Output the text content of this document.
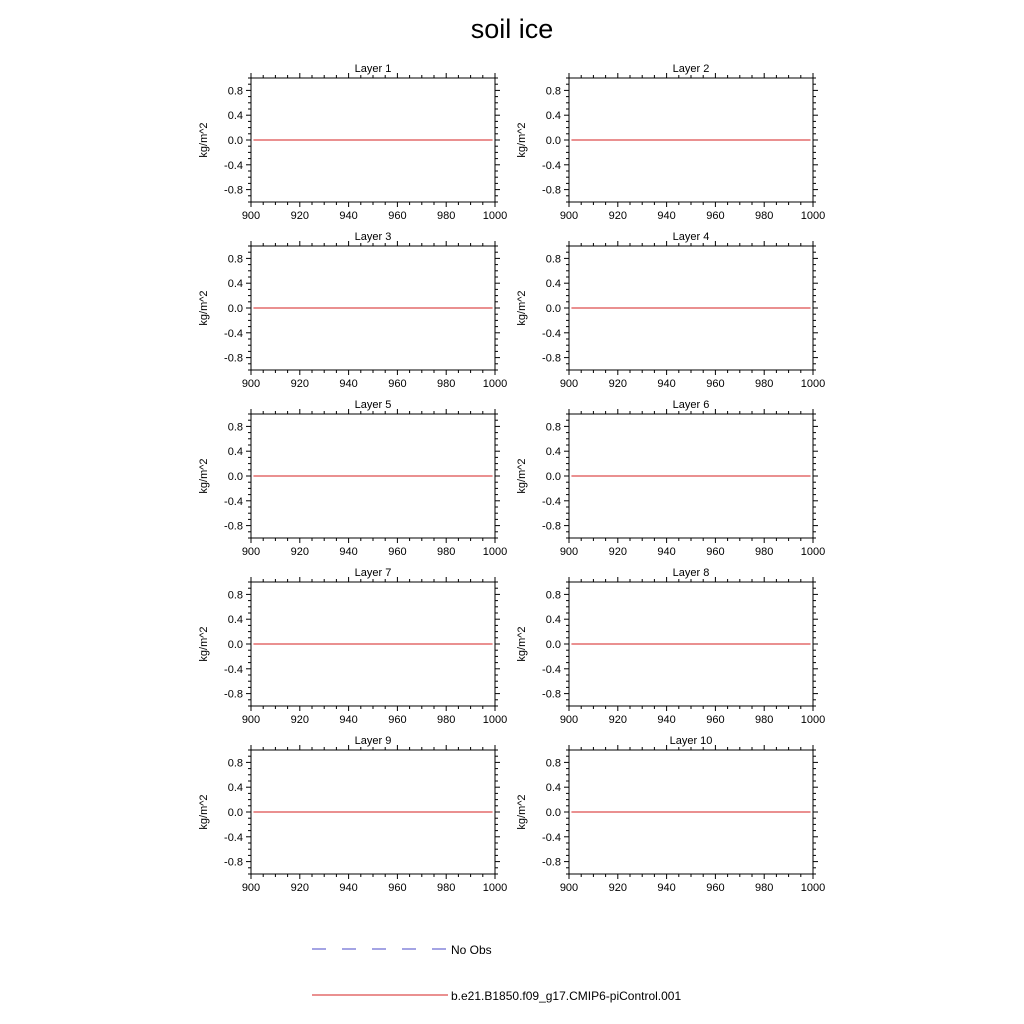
soil ice
Layer 1
900	920	940	960	980 1000
0.8
0.4
0.0
-0.4
-0.8
kg/m^2
Layer 2
900	920	940	960	980 1000
0.8
0.4
0.0
-0.4
-0.8
kg/m^2
Layer 3
900	920	940	960	980 1000
0.8
0.4
0.0
-0.4
-0.8
kg/m^2
Layer 4
900	920	940	960	980 1000
0.8
0.4
0.0
-0.4
-0.8
kg/m^2
Layer 5
900	920	940	960	980 1000
0.8
0.4
0.0
-0.4
-0.8
kg/m^2
Layer 6
900	920	940	960	980 1000
0.8
0.4
0.0
-0.4
-0.8
kg/m^2
Layer 7
900	920	940	960	980 1000
0.8
0.4
0.0
-0.4
-0.8
kg/m^2
Layer 8
900	920	940	960	980 1000
0.8
0.4
0.0
-0.4
-0.8
kg/m^2
Layer 9
900	920	940	960	980 1000
0.8
0.4
0.0
-0.4
-0.8
kg/m^2
Layer 10
900	920	940	960	980 1000
0.8
0.4
0.0
-0.4
-0.8
kg/m^2
No Obs
b.e21.B1850.f09_g17.CMIP6-piControl.001
